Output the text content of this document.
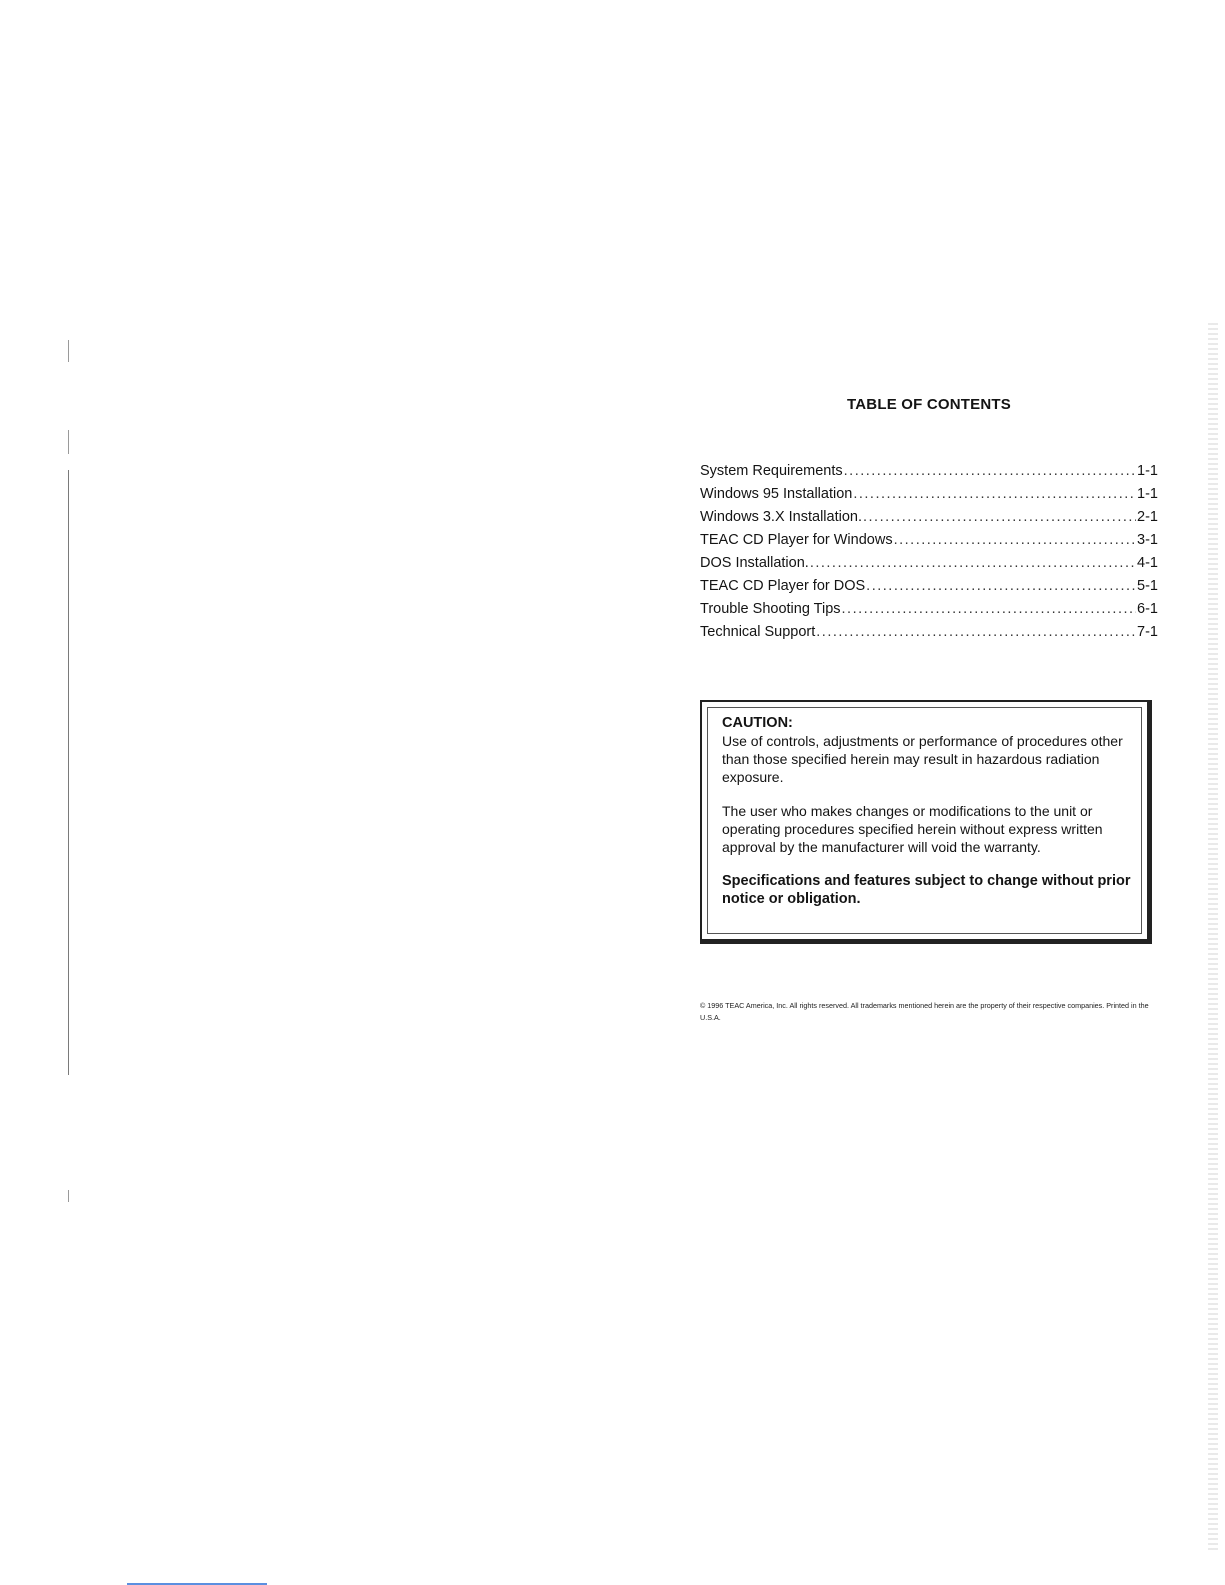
TABLE OF CONTENTS
System Requirements .....	1-1
Windows 95 Installation .....	1-1
Windows 3.X Installation. .....	2-1
TEAC CD Player for Windows .....	3-1
DOS Installation. .....	4-1
TEAC CD Player for DOS .....	5-1
Trouble Shooting Tips .....	6-1
Technical Support .....	7-1
CAUTION:

Use of controls, adjustments or performance of procedures other than those specified herein may result in hazardous radiation exposure.

The user who makes changes or modifications to the unit or operating procedures specified herein without express written approval by the manufacturer will void the warranty.

Specifications and features subject to change without prior notice or obligation.

© 1996 TEAC America, Inc. All rights reserved. All trademarks mentioned herein are the property of their respective companies. Printed in the U.S.A.
